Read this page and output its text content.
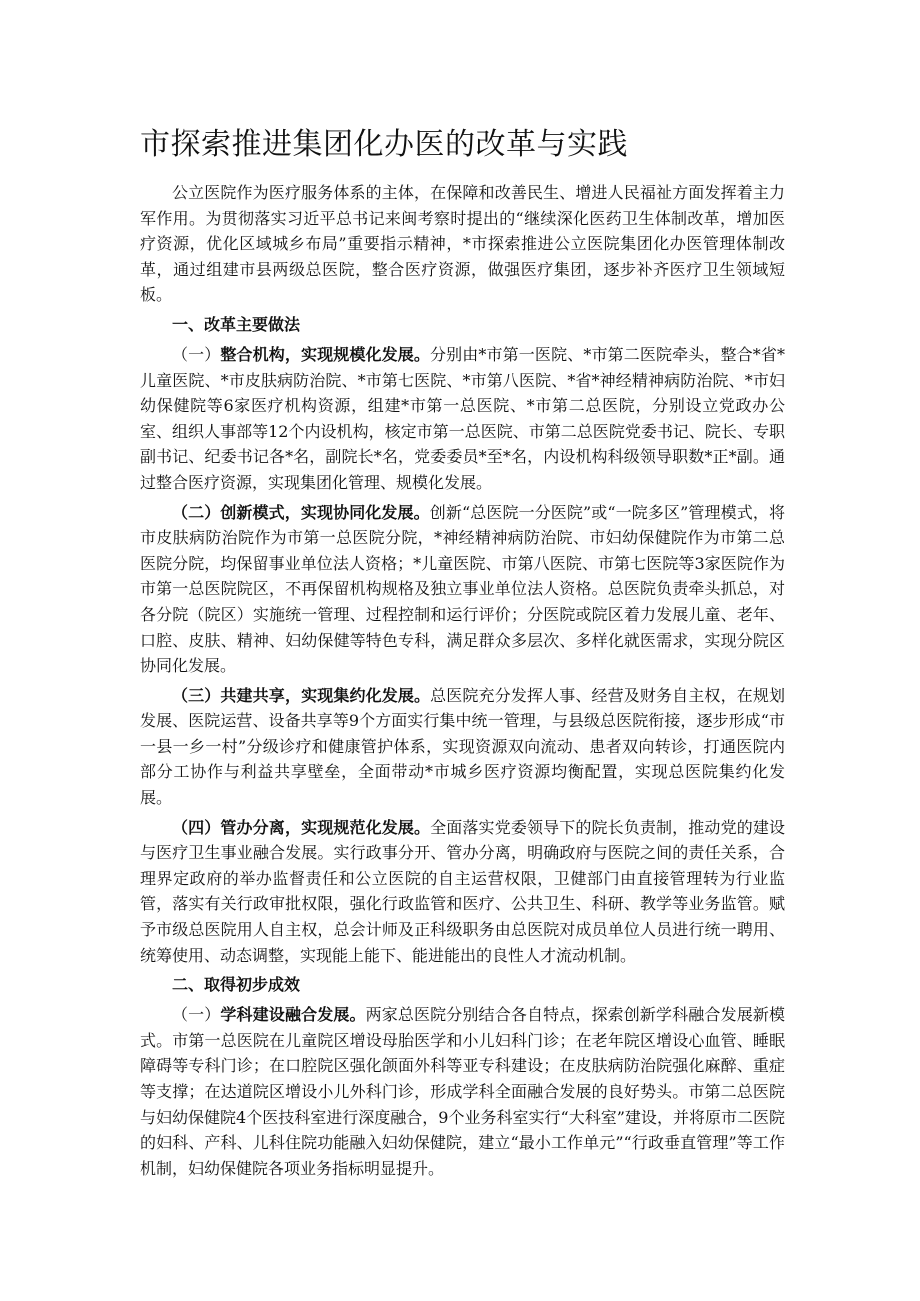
市探索推进集团化办医的改革与实践

公立医院作为医疗服务体系的主体，在保障和改善民生、增进人民福祉方面发挥着主力军作用。为贯彻落实习近平总书记来闽考察时提出的“继续深化医药卫生体制改革，增加医疗资源，优化区域城乡布局”重要指示精神，*市探索推进公立医院集团化办医管理体制改革，通过组建市县两级总医院，整合医疗资源，做强医疗集团，逐步补齐医疗卫生领域短板。

一、改革主要做法

（一）整合机构，实现规模化发展。分别由*市第一医院、*市第二医院牵头，整合*省*儿童医院、*市皮肤病防治院、*市第七医院、*市第八医院、*省*神经精神病防治院、*市妇幼保健院等6家医疗机构资源，组建*市第一总医院、*市第二总医院，分别设立党政办公室、组织人事部等12个内设机构，核定市第一总医院、市第二总医院党委书记、院长、专职副书记、纪委书记各*名，副院长*名，党委委员*至*名，内设机构科级领导职数*正*副。通过整合医疗资源，实现集团化管理、规模化发展。

（二）创新模式，实现协同化发展。创新“总医院一分医院”或“一院多区”管理模式，将市皮肤病防治院作为市第一总医院分院，*神经精神病防治院、市妇幼保健院作为市第二总医院分院，均保留事业单位法人资格；*儿童医院、市第八医院、市第七医院等3家医院作为市第一总医院院区，不再保留机构规格及独立事业单位法人资格。总医院负责牵头抓总，对各分院（院区）实施统一管理、过程控制和运行评价；分医院或院区着力发展儿童、老年、口腔、皮肤、精神、妇幼保健等特色专科，满足群众多层次、多样化就医需求，实现分院区协同化发展。

（三）共建共享，实现集约化发展。总医院充分发挥人事、经营及财务自主权，在规划发展、医院运营、设备共享等9个方面实行集中统一管理，与县级总医院衔接，逐步形成“市一县一乡一村”分级诊疗和健康管护体系，实现资源双向流动、患者双向转诊，打通医院内部分工协作与利益共享壁垒，全面带动*市城乡医疗资源均衡配置，实现总医院集约化发展。

（四）管办分离，实现规范化发展。全面落实党委领导下的院长负责制，推动党的建设与医疗卫生事业融合发展。实行政事分开、管办分离，明确政府与医院之间的责任关系，合理界定政府的举办监督责任和公立医院的自主运营权限，卫健部门由直接管理转为行业监管，落实有关行政审批权限，强化行政监管和医疗、公共卫生、科研、教学等业务监管。赋予市级总医院用人自主权，总会计师及正科级职务由总医院对成员单位人员进行统一聘用、统筹使用、动态调整，实现能上能下、能进能出的良性人才流动机制。

二、取得初步成效

（一）学科建设融合发展。两家总医院分别结合各自特点，探索创新学科融合发展新模式。市第一总医院在儿童院区增设母胎医学和小儿妇科门诊；在老年院区增设心血管、睡眠障碍等专科门诊；在口腔院区强化颌面外科等亚专科建设；在皮肤病防治院强化麻醉、重症等支撑；在达道院区增设小儿外科门诊，形成学科全面融合发展的良好势头。市第二总医院与妇幼保健院4个医技科室进行深度融合，9个业务科室实行“大科室”建设，并将原市二医院的妇科、产科、儿科住院功能融入妇幼保健院，建立“最小工作单元”“行政垂直管理”等工作机制，妇幼保健院各项业务指标明显提升。
